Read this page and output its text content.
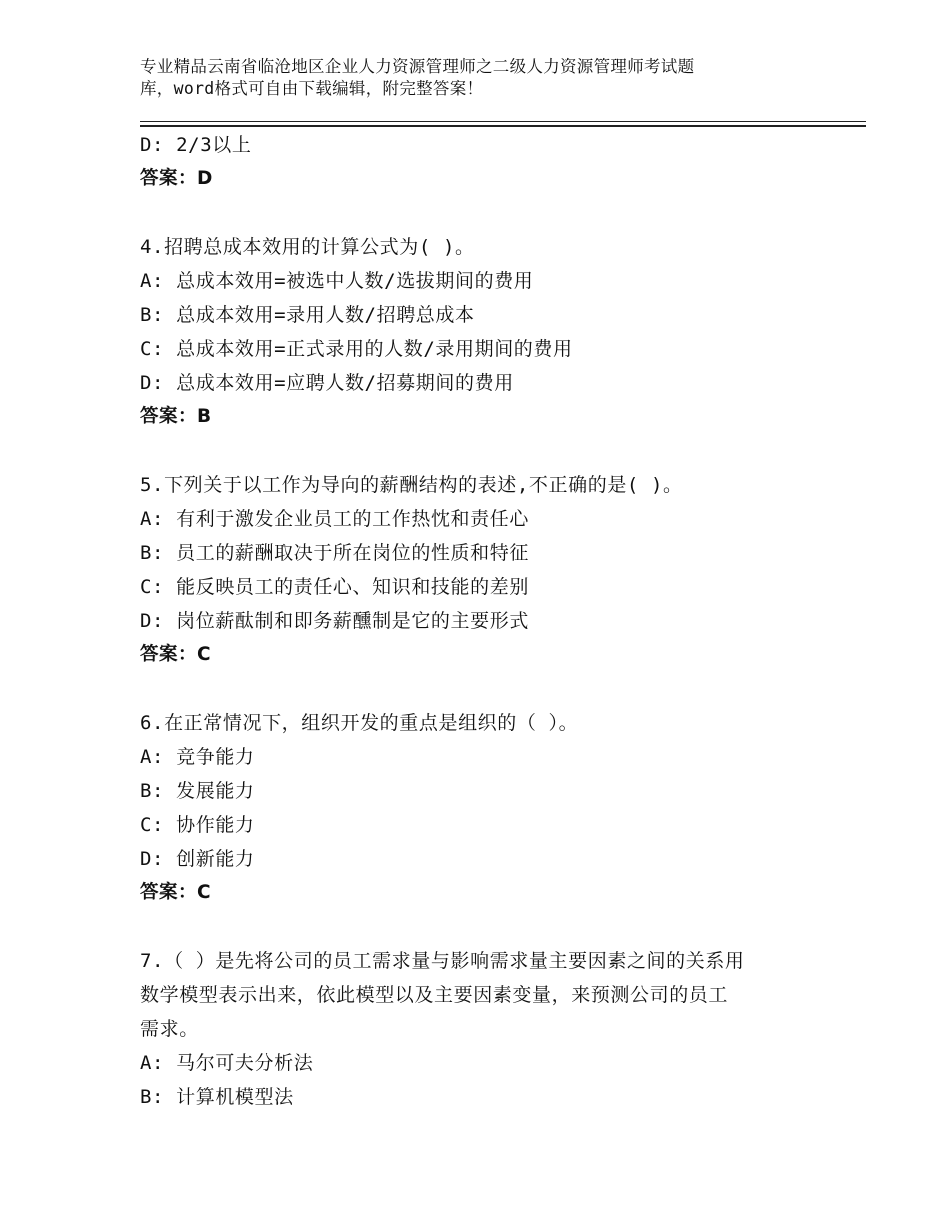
专业精品云南省临沧地区企业人力资源管理师之二级人力资源管理师考试题
库，word格式可自由下载编辑，附完整答案！
D: 2/3以上
答案：D
4.招聘总成本效用的计算公式为( )。
A: 总成本效用=被选中人数/选拔期间的费用
B: 总成本效用=录用人数/招聘总成本
C: 总成本效用=正式录用的人数/录用期间的费用
D: 总成本效用=应聘人数/招募期间的费用
答案：B
5.下列关于以工作为导向的薪酬结构的表述,不正确的是( )。
A: 有利于激发企业员工的工作热忱和责任心
B: 员工的薪酬取决于所在岗位的性质和特征
C: 能反映员工的责任心、知识和技能的差别
D: 岗位薪酞制和即务薪醺制是它的主要形式
答案：C
6.在正常情况下，组织开发的重点是组织的（ ）。
A: 竞争能力
B: 发展能力
C: 协作能力
D: 创新能力
答案：C
7.（ ）是先将公司的员工需求量与影响需求量主要因素之间的关系用
数学模型表示出来，依此模型以及主要因素变量，来预测公司的员工
需求。
A: 马尔可夫分析法
B: 计算机模型法
